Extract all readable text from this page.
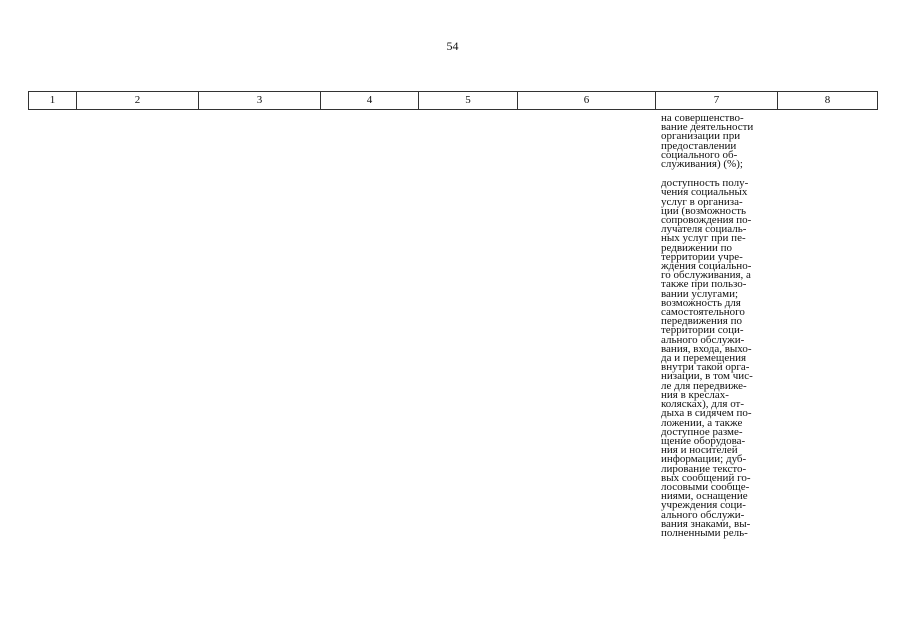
54
1	2	3	4	5	6	7	8
на совершенство-
вание деятельности
организации при
предоставлении
социального об-
служивания) (%);
доступность полу-
чения социальных
услуг в организа-
ции (возможность
сопровождения по-
лучателя социаль-
ных услуг при пе-
редвижении по
территории учре-
ждения социально-
го обслуживания, а
также при пользо-
вании услугами;
возможность для
самостоятельного
передвижения по
территории соци-
ального обслужи-
вания, входа, выхо-
да и перемещения
внутри такой орга-
низации, в том чис-
ле для передвиже-
ния в креслах-
колясках), для от-
дыха в сидячем по-
ложении, а также
доступное разме-
щение оборудова-
ния и носителей
информации; дуб-
лирование тексто-
вых сообщений го-
лосовыми сообще-
ниями, оснащение
учреждения соци-
ального обслужи-
вания знаками, вы-
полненными рель-
